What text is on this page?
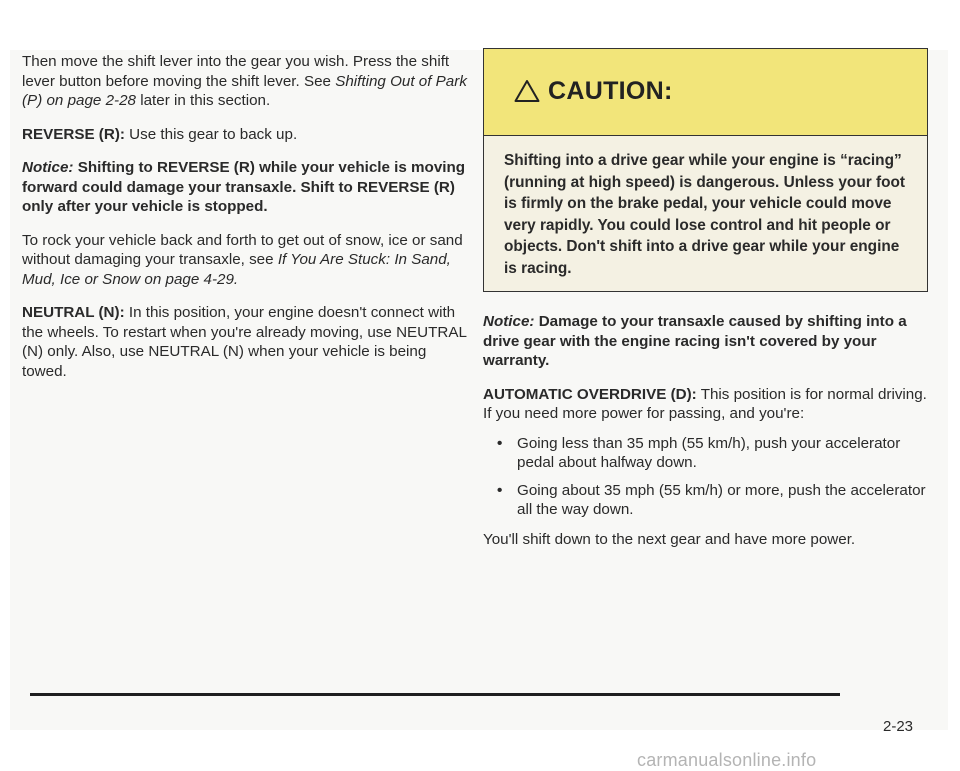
Then move the shift lever into the gear you wish. Press the shift lever button before moving the shift lever. See Shifting Out of Park (P) on page 2-28 later in this section.

REVERSE (R): Use this gear to back up.

Notice: Shifting to REVERSE (R) while your vehicle is moving forward could damage your transaxle. Shift to REVERSE (R) only after your vehicle is stopped.

To rock your vehicle back and forth to get out of snow, ice or sand without damaging your transaxle, see If You Are Stuck: In Sand, Mud, Ice or Snow on page 4-29.

NEUTRAL (N): In this position, your engine doesn't connect with the wheels. To restart when you're already moving, use NEUTRAL (N) only. Also, use NEUTRAL (N) when your vehicle is being towed.

CAUTION:
Shifting into a drive gear while your engine is “racing” (running at high speed) is dangerous. Unless your foot is firmly on the brake pedal, your vehicle could move very rapidly. You could lose control and hit people or objects. Don't shift into a drive gear while your engine is racing.

Notice: Damage to your transaxle caused by shifting into a drive gear with the engine racing isn't covered by your warranty.

AUTOMATIC OVERDRIVE (D): This position is for normal driving. If you need more power for passing, and you're:

• Going less than 35 mph (55 km/h), push your accelerator pedal about halfway down.
• Going about 35 mph (55 km/h) or more, push the accelerator all the way down.

You'll shift down to the next gear and have more power.

2-23
carmanualsonline.info
